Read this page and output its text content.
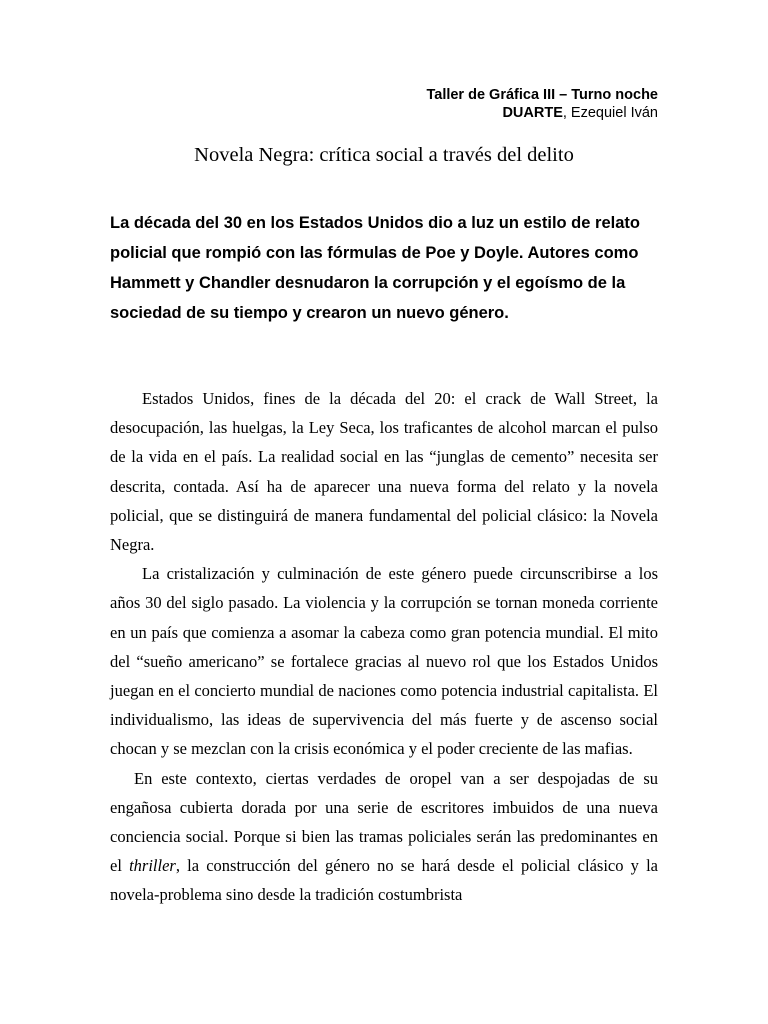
Taller de Gráfica III – Turno noche
DUARTE, Ezequiel Iván
Novela Negra: crítica social a través del delito
La década del 30 en los Estados Unidos dio a luz un estilo de relato policial que rompió con las fórmulas de Poe y Doyle. Autores como Hammett y Chandler desnudaron la corrupción y el egoísmo de la sociedad de su tiempo y crearon un nuevo género.

Estados Unidos, fines de la década del 20: el crack de Wall Street, la desocupación, las huelgas, la Ley Seca, los traficantes de alcohol marcan el pulso de la vida en el país. La realidad social en las “junglas de cemento” necesita ser descrita, contada. Así ha de aparecer una nueva forma del relato y la novela policial, que se distinguirá de manera fundamental del policial clásico: la Novela Negra.

La cristalización y culminación de este género puede circunscribirse a los años 30 del siglo pasado. La violencia y la corrupción se tornan moneda corriente en un país que comienza a asomar la cabeza como gran potencia mundial. El mito del “sueño americano” se fortalece gracias al nuevo rol que los Estados Unidos juegan en el concierto mundial de naciones como potencia industrial capitalista. El individualismo, las ideas de supervivencia del más fuerte y de ascenso social chocan y se mezclan con la crisis económica y el poder creciente de las mafias.

En este contexto, ciertas verdades de oropel van a ser despojadas de su engañosa cubierta dorada por una serie de escritores imbuidos de una nueva conciencia social. Porque si bien las tramas policiales serán las predominantes en el thriller, la construcción del género no se hará desde el policial clásico y la novela-problema sino desde la tradición costumbrista
